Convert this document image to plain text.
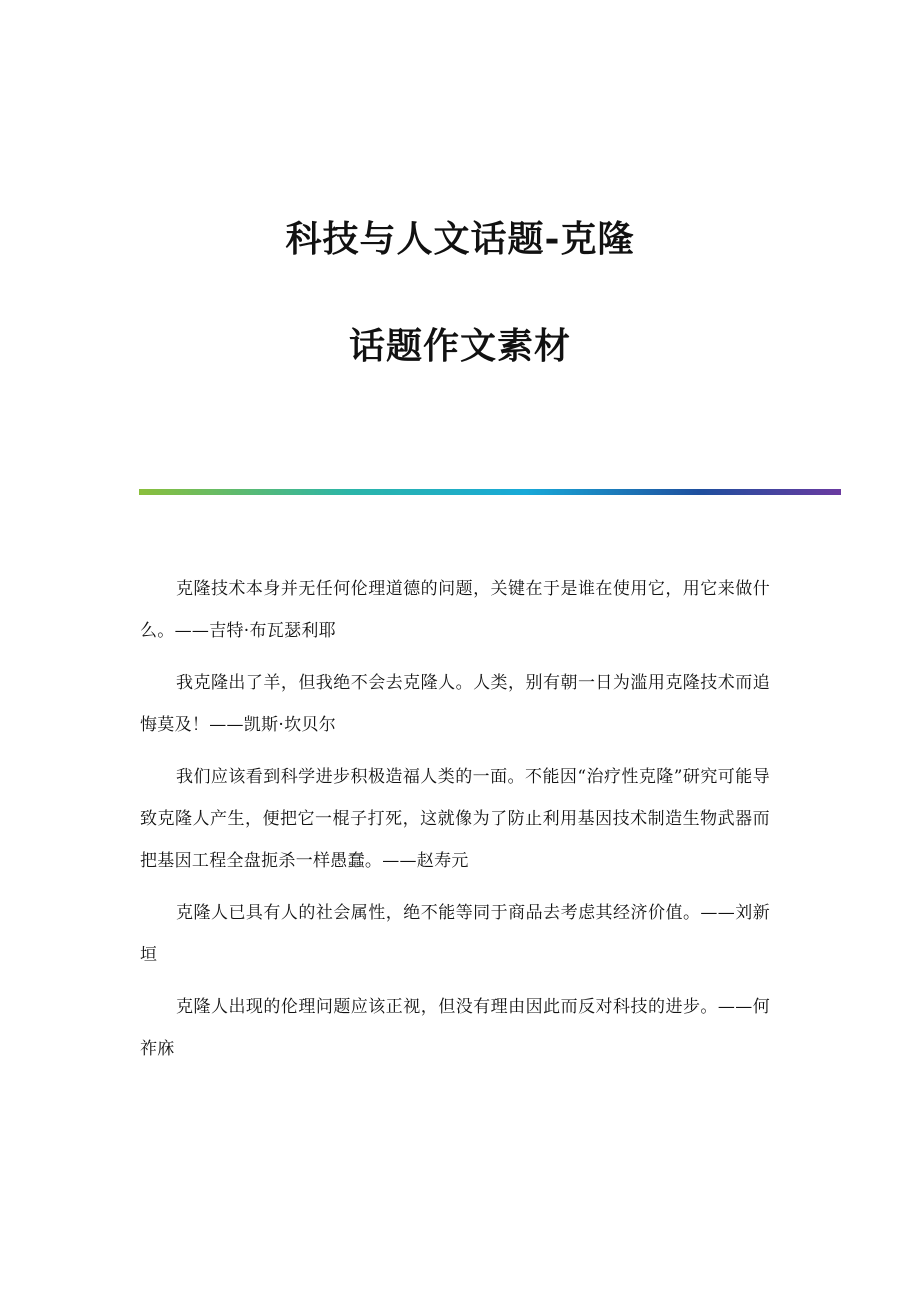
科技与人文话题-克隆
话题作文素材

克隆技术本身并无任何伦理道德的问题，关键在于是谁在使用它，用它来做什么。——吉特·布瓦瑟利耶

我克隆出了羊，但我绝不会去克隆人。人类，别有朝一日为滥用克隆技术而追悔莫及！——凯斯·坎贝尔

我们应该看到科学进步积极造福人类的一面。不能因“治疗性克隆”研究可能导致克隆人产生，便把它一棍子打死，这就像为了防止利用基因技术制造生物武器而把基因工程全盘扼杀一样愚蠢。——赵寿元

克隆人已具有人的社会属性，绝不能等同于商品去考虑其经济价值。——刘新垣

克隆人出现的伦理问题应该正视，但没有理由因此而反对科技的进步。——何祚庥
